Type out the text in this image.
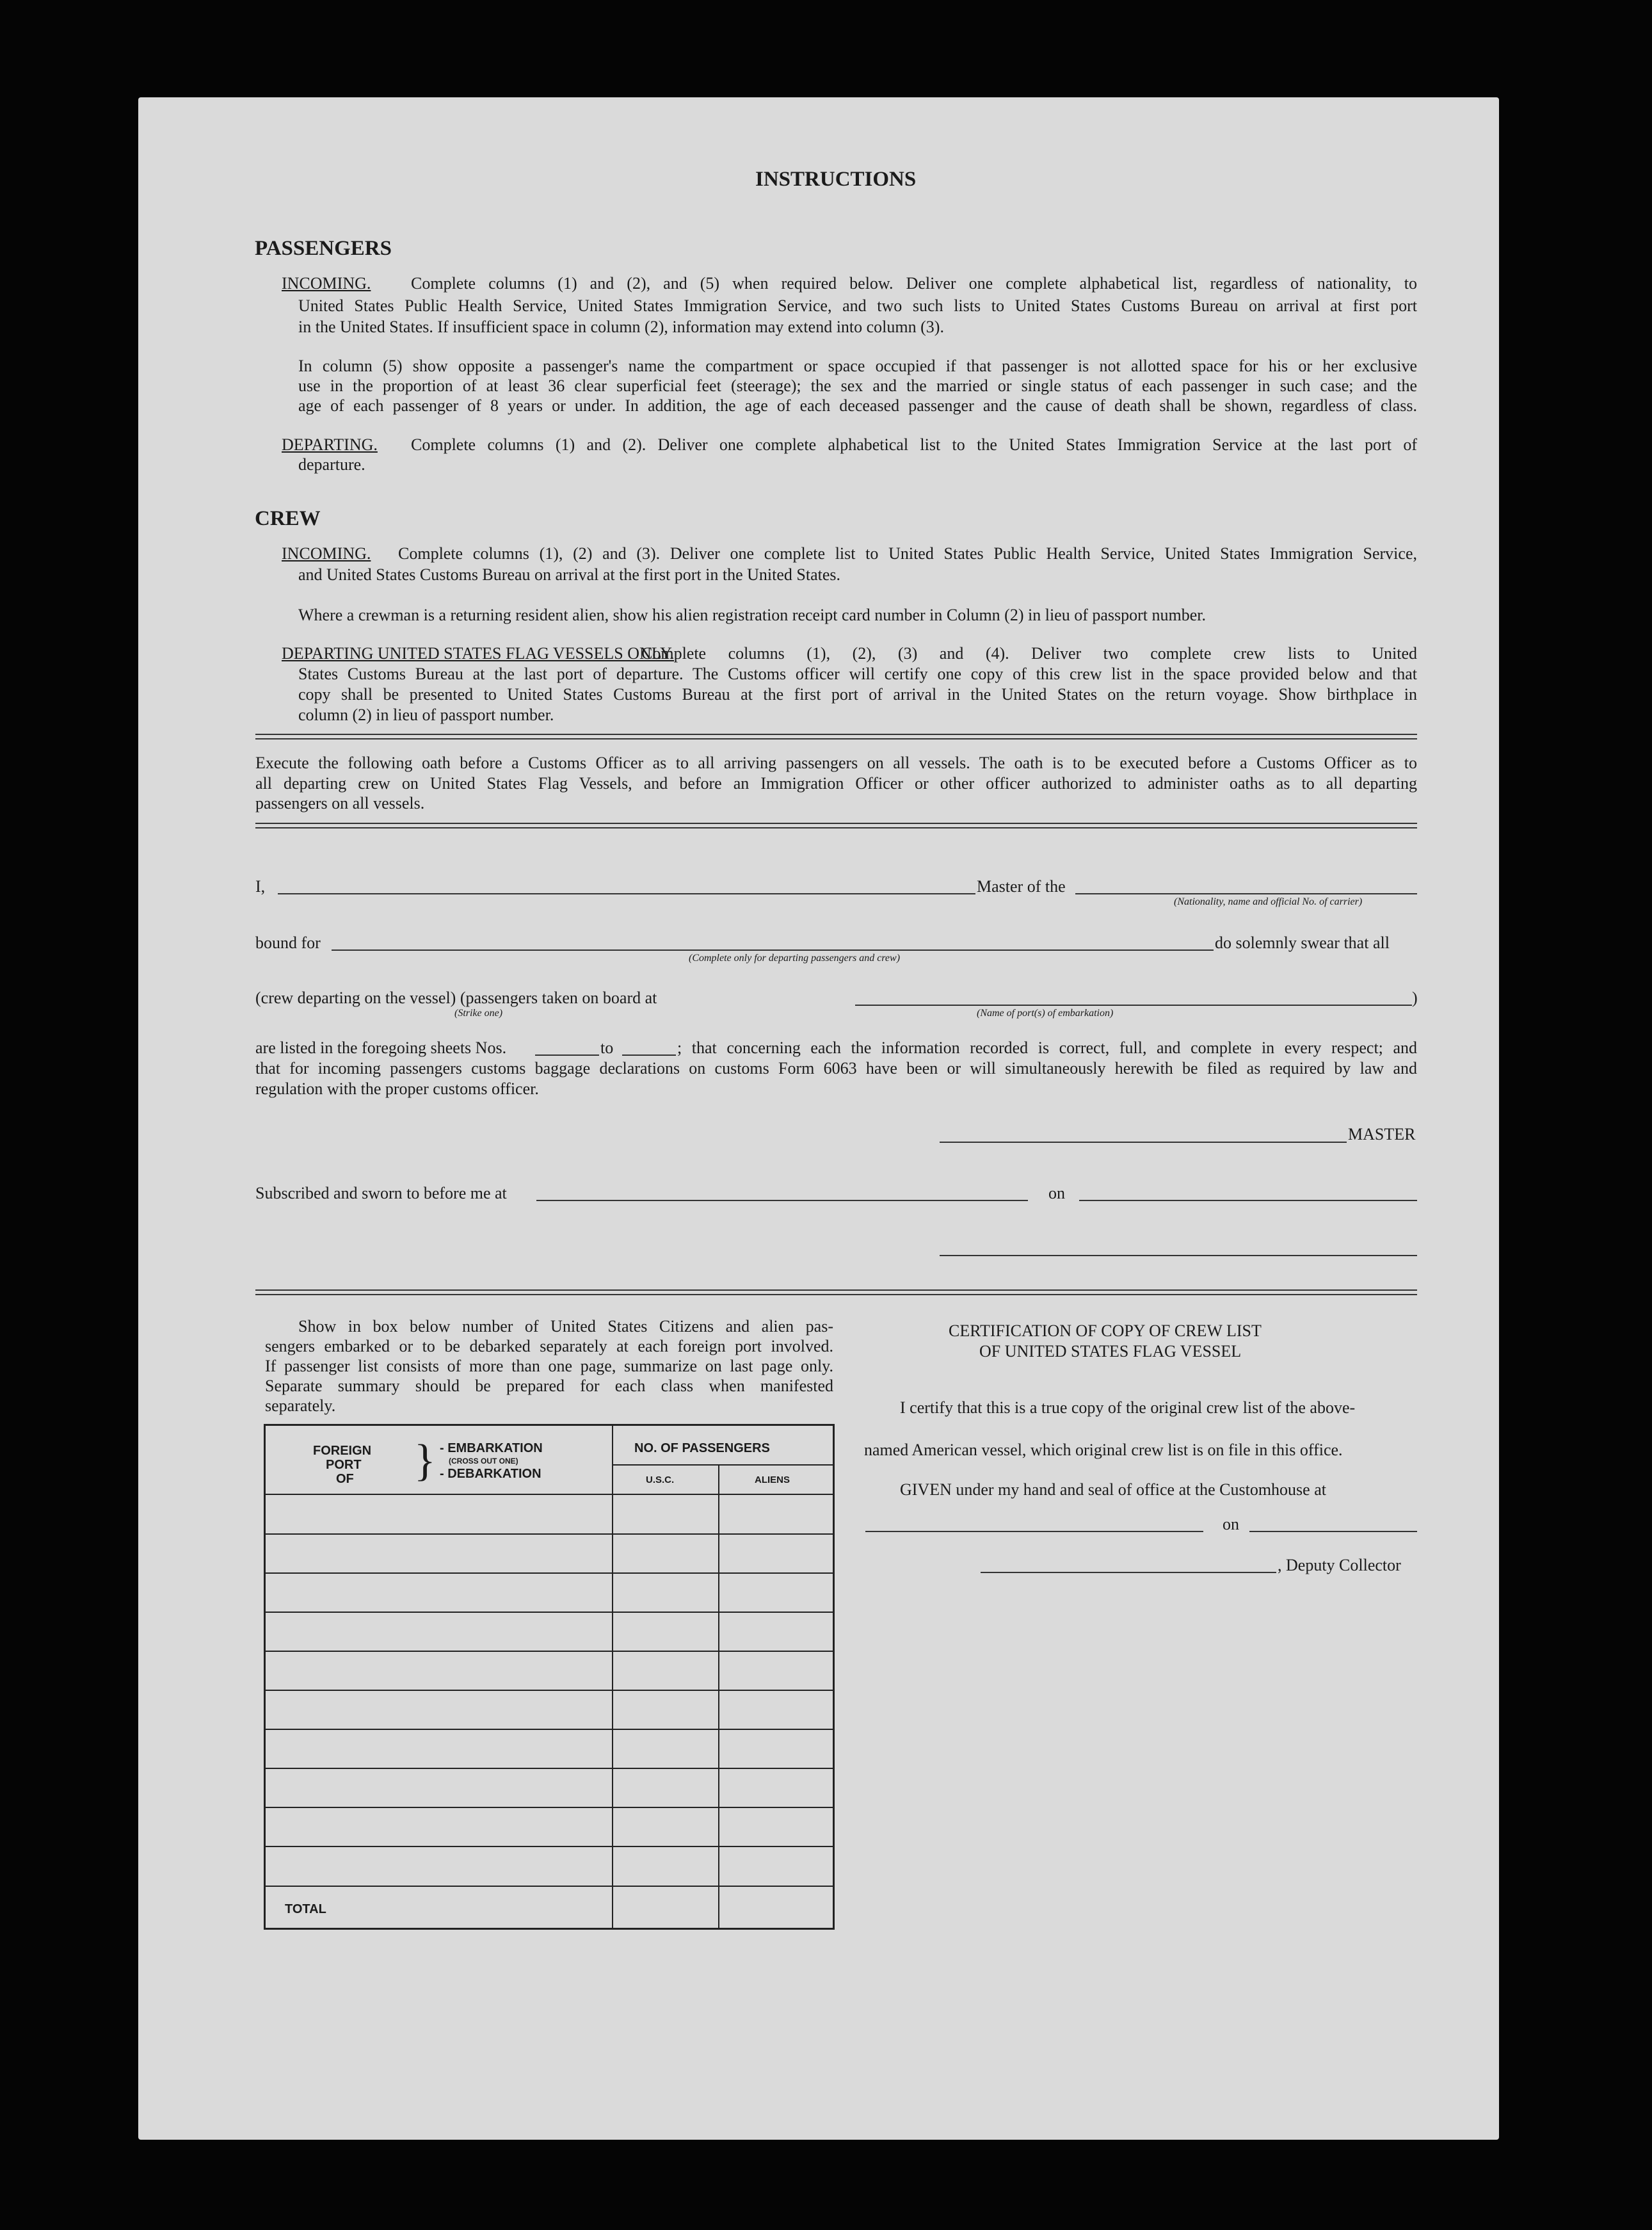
INSTRUCTIONS
PASSENGERS
INCOMING. Complete columns (1) and (2), and (5) when required below. Deliver one complete alphabetical list, regardless of nationality, to
United States Public Health Service, United States Immigration Service, and two such lists to United States Customs Bureau on arrival at first port
in the United States. If insufficient space in column (2), information may extend into column (3).
In column (5) show opposite a passenger's name the compartment or space occupied if that passenger is not allotted space for his or her exclusive
use in the proportion of at least 36 clear superficial feet (steerage); the sex and the married or single status of each passenger in such case; and the
age of each passenger of 8 years or under. In addition, the age of each deceased passenger and the cause of death shall be shown, regardless of class.
DEPARTING. Complete columns (1) and (2). Deliver one complete alphabetical list to the United States Immigration Service at the last port of
departure.
CREW
INCOMING. Complete columns (1), (2) and (3). Deliver one complete list to United States Public Health Service, United States Immigration Service,
and United States Customs Bureau on arrival at the first port in the United States.
Where a crewman is a returning resident alien, show his alien registration receipt card number in Column (2) in lieu of passport number.
DEPARTING UNITED STATES FLAG VESSELS ONLY.
Complete columns (1), (2), (3) and (4). Deliver two complete crew lists to United
States Customs Bureau at the last port of departure. The Customs officer will certify one copy of this crew list in the space provided below and that
copy shall be presented to United States Customs Bureau at the first port of arrival in the United States on the return voyage. Show birthplace in
column (2) in lieu of passport number.
Execute the following oath before a Customs Officer as to all arriving passengers on all vessels. The oath is to be executed before a Customs Officer as to
all departing crew on United States Flag Vessels, and before an Immigration Officer or other officer authorized to administer oaths as to all departing
passengers on all vessels.
I,	Master of the
(Nationality, name and official No. of carrier)
bound for	do solemnly swear that all
(Complete only for departing passengers and crew)
(crew departing on the vessel) (passengers taken on board at	)
(Strike one)	(Name of port(s) of embarkation)
are listed in the foregoing sheets Nos.	to	; that concerning each the information recorded is correct, full, and complete in every respect; and
that for incoming passengers customs baggage declarations on customs Form 6063 have been or will simultaneously herewith be filed as required by law and
regulation with the proper customs officer.
MASTER
Subscribed and sworn to before me at	on
Show in box below number of United States Citizens and alien pas-
sengers embarked or to be debarked separately at each foreign port involved.
If passenger list consists of more than one page, summarize on last page only.
Separate summary should be prepared for each class when manifested
separately.
FOREIGN
PORT
OF } - EMBARKATION
(CROSS OUT ONE)
- DEBARKATION
NO. OF PASSENGERS
U.S.C.	ALIENS
TOTAL
CERTIFICATION OF COPY OF CREW LIST
OF UNITED STATES FLAG VESSEL
I certify that this is a true copy of the original crew list of the above-
named American vessel, which original crew list is on file in this office.
GIVEN under my hand and seal of office at the Customhouse at
on
, Deputy Collector
